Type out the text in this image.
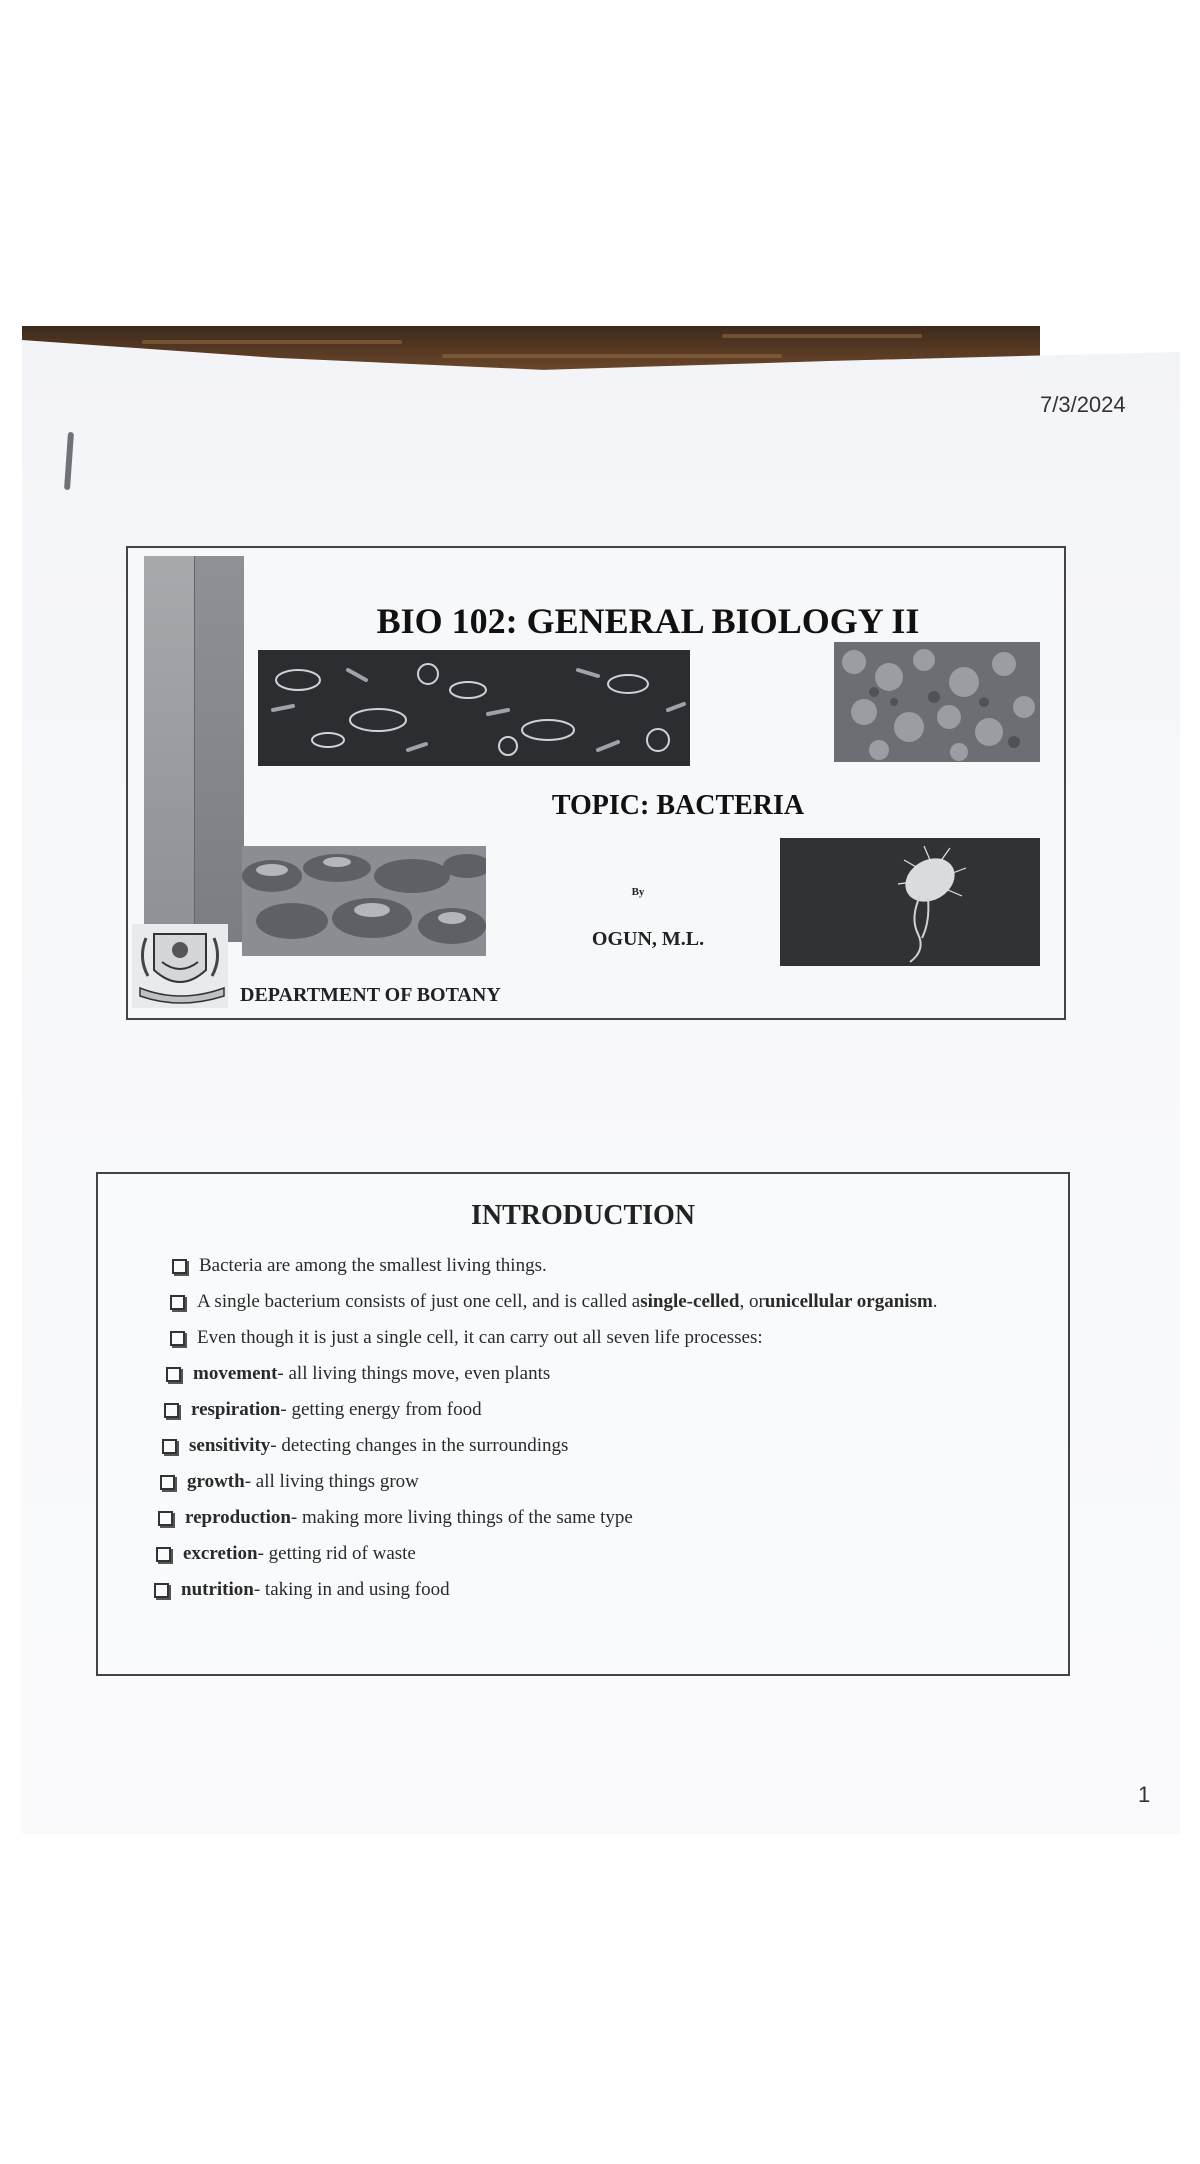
7/3/2024
1
BIO 102: GENERAL BIOLOGY II
TOPIC: BACTERIA
By
OGUN, M.L.
DEPARTMENT OF BOTANY
INTRODUCTION
Bacteria are among the smallest living things.
A single bacterium consists of just one cell, and is called a single-celled , or unicellular organism .
Even though it is just a single cell, it can carry out all seven life processes:
movement - all living things move, even plants
respiration - getting energy from food
sensitivity - detecting changes in the surroundings
growth - all living things grow
reproduction - making more living things of the same type
excretion - getting rid of waste
nutrition - taking in and using food
